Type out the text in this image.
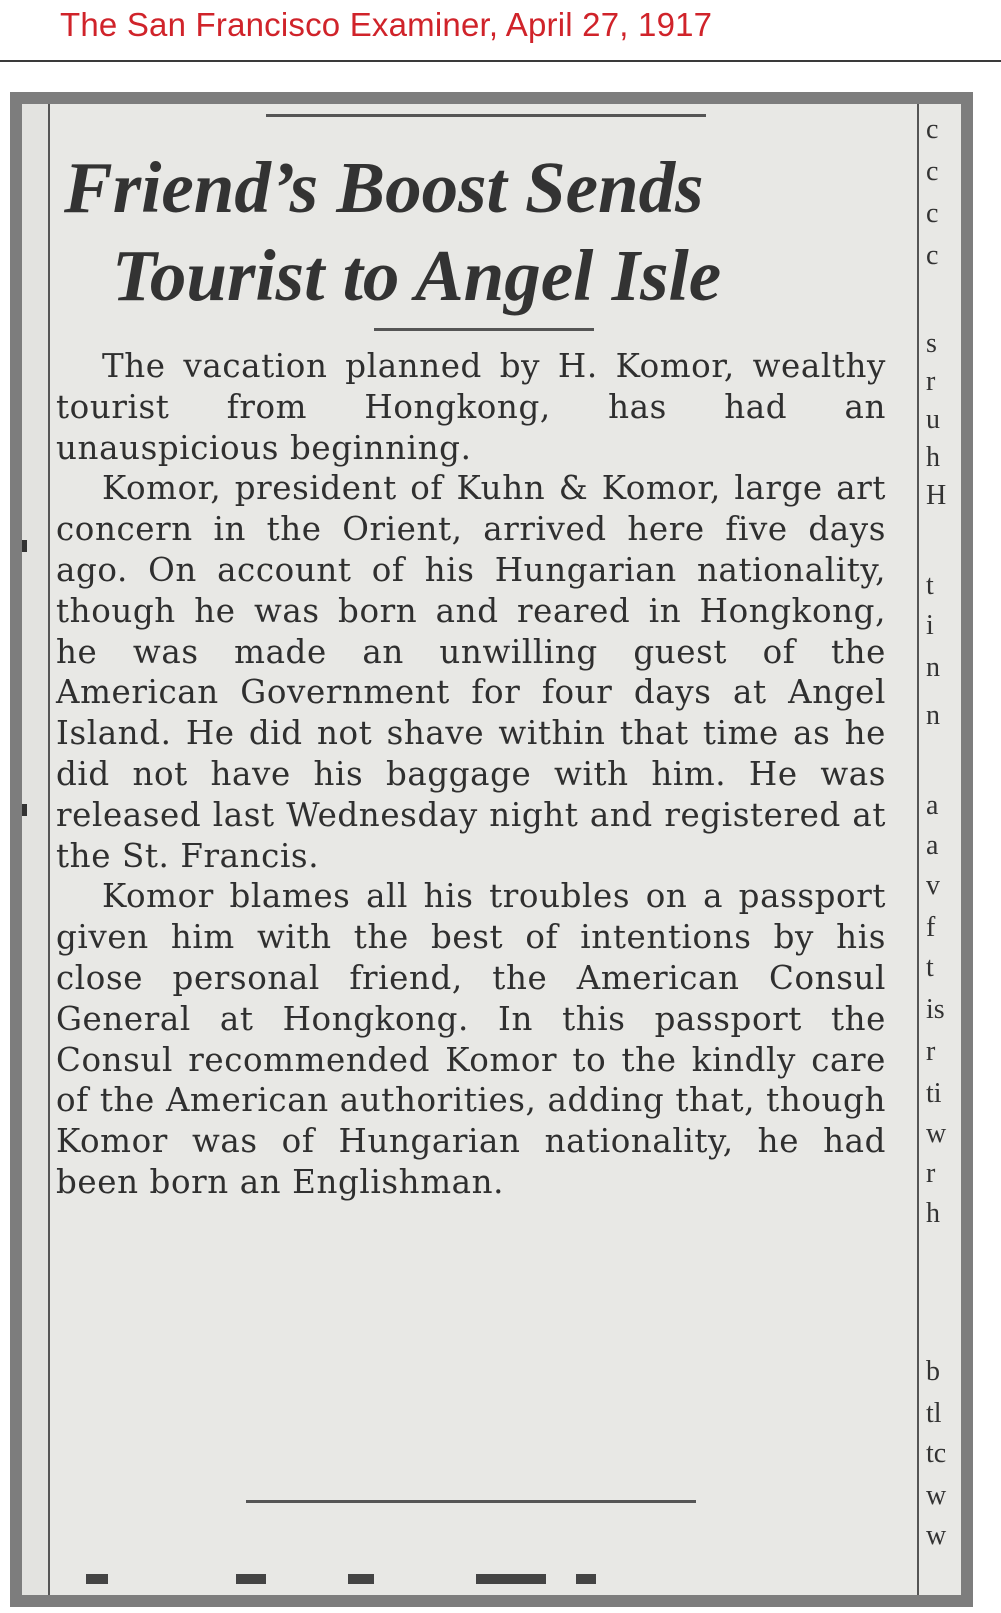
The San Francisco Examiner, April 27, 1917
Friend’s Boost Sends
Tourist to Angel Isle

The vacation planned by H. Komor, wealthy tourist from Hongkong, has had an unauspicious beginning.

Komor, president of Kuhn & Komor, large art concern in the Orient, arrived here five days ago. On account of his Hungarian nationality, though he was born and reared in Hongkong, he was made an unwilling guest of the American Government for four days at Angel Island. He did not shave within that time as he did not have his baggage with him. He was released last Wednesday night and registered at the St. Francis.

Komor blames all his troubles on a passport given him with the best of intentions by his close personal friend, the American Consul General at Hongkong. In this passport the Consul recommended Komor to the kindly care of the American authorities, adding that, though Komor was of Hungarian nationality, he had been born an Englishman.

c
c
c
c
s
r
u
h
H
t
i
n
n
a
a
v
f
t
is
r
ti
w
r
h
b
tl
tc
w
w
